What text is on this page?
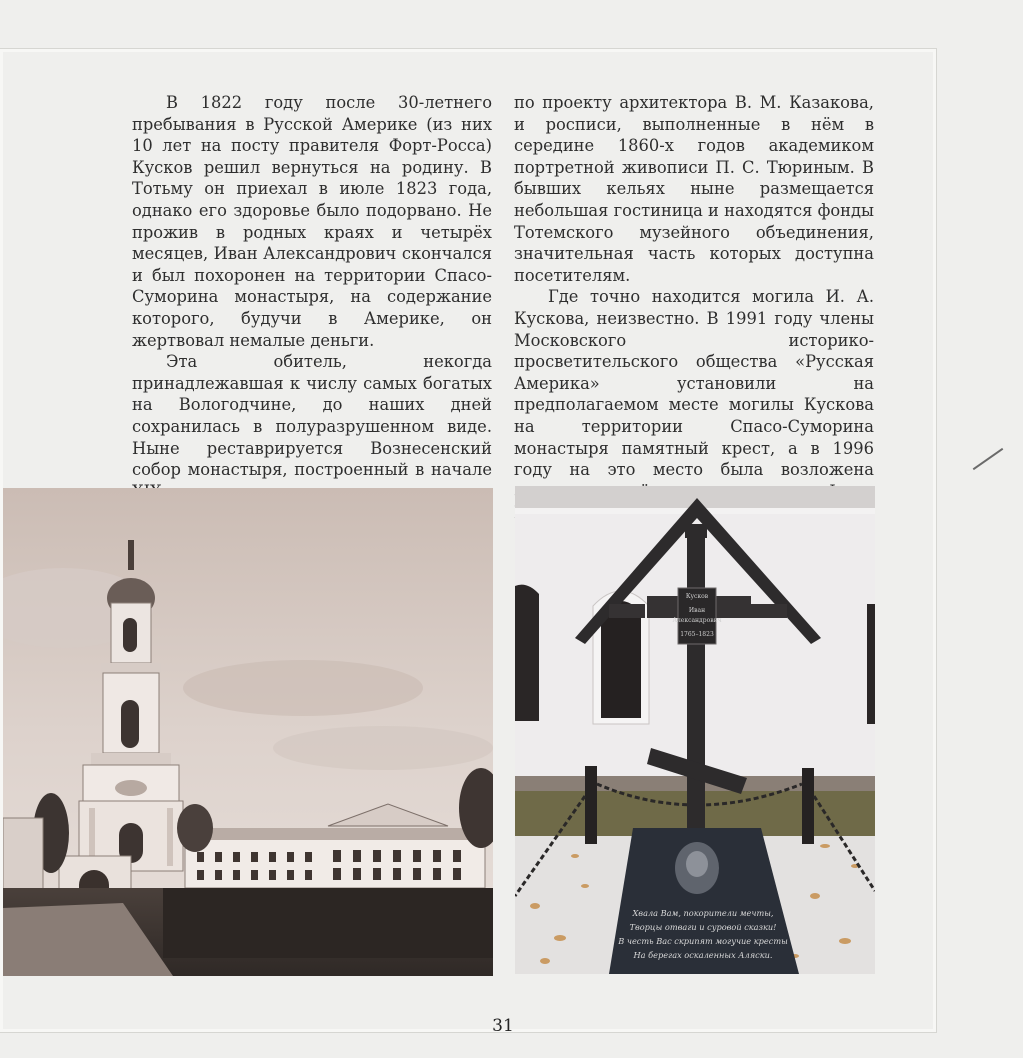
В 1822 году после 30-летнего пребывания в Русской Америке (из них 10 лет на посту правителя Форт-Росса) Кусков решил вернуться на родину. В Тотьму он приехал в июле 1823 года, однако его здоровье было подорвано. Не прожив в родных краях и четырёх месяцев, Иван Александрович скончался и был похоронен на территории Спасо-Суморина монастыря, на содержание которого, будучи в Америке, он жертвовал немалые деньги.

Эта обитель, некогда принадлежавшая к числу самых богатых на Вологодчине, до наших дней сохранилась в полуразрушенном виде. Ныне реставрируется Вознесенский собор монастыря, построенный в начале

по проекту архитектора В. М. Казакова, и росписи, выполненные в нём в середине 1860-х годов академиком портретной живописи П. С. Тюриным. В бывших кельях ныне размещается небольшая гостиница и находятся фонды Тотемского музейного объединения, значительная часть которых доступна посетителям.

Где точно находится могила И. А. Кускова, неизвестно. В 1991 году члены Московского историко-просветительского общества «Русская Америка» установили на предполагаемом месте могилы Кускова на территории Спасо-Суморина монастыря памятный крест, а в 1996 году на это место была возложена

Кусков
Иван
Александрович
1765–1823
Хвала Вам, покорители мечты,
Творцы отваги и суровой сказки!
В честь Вас скрипят могучие кресты
На берегах оскаленных Аляски.
31
